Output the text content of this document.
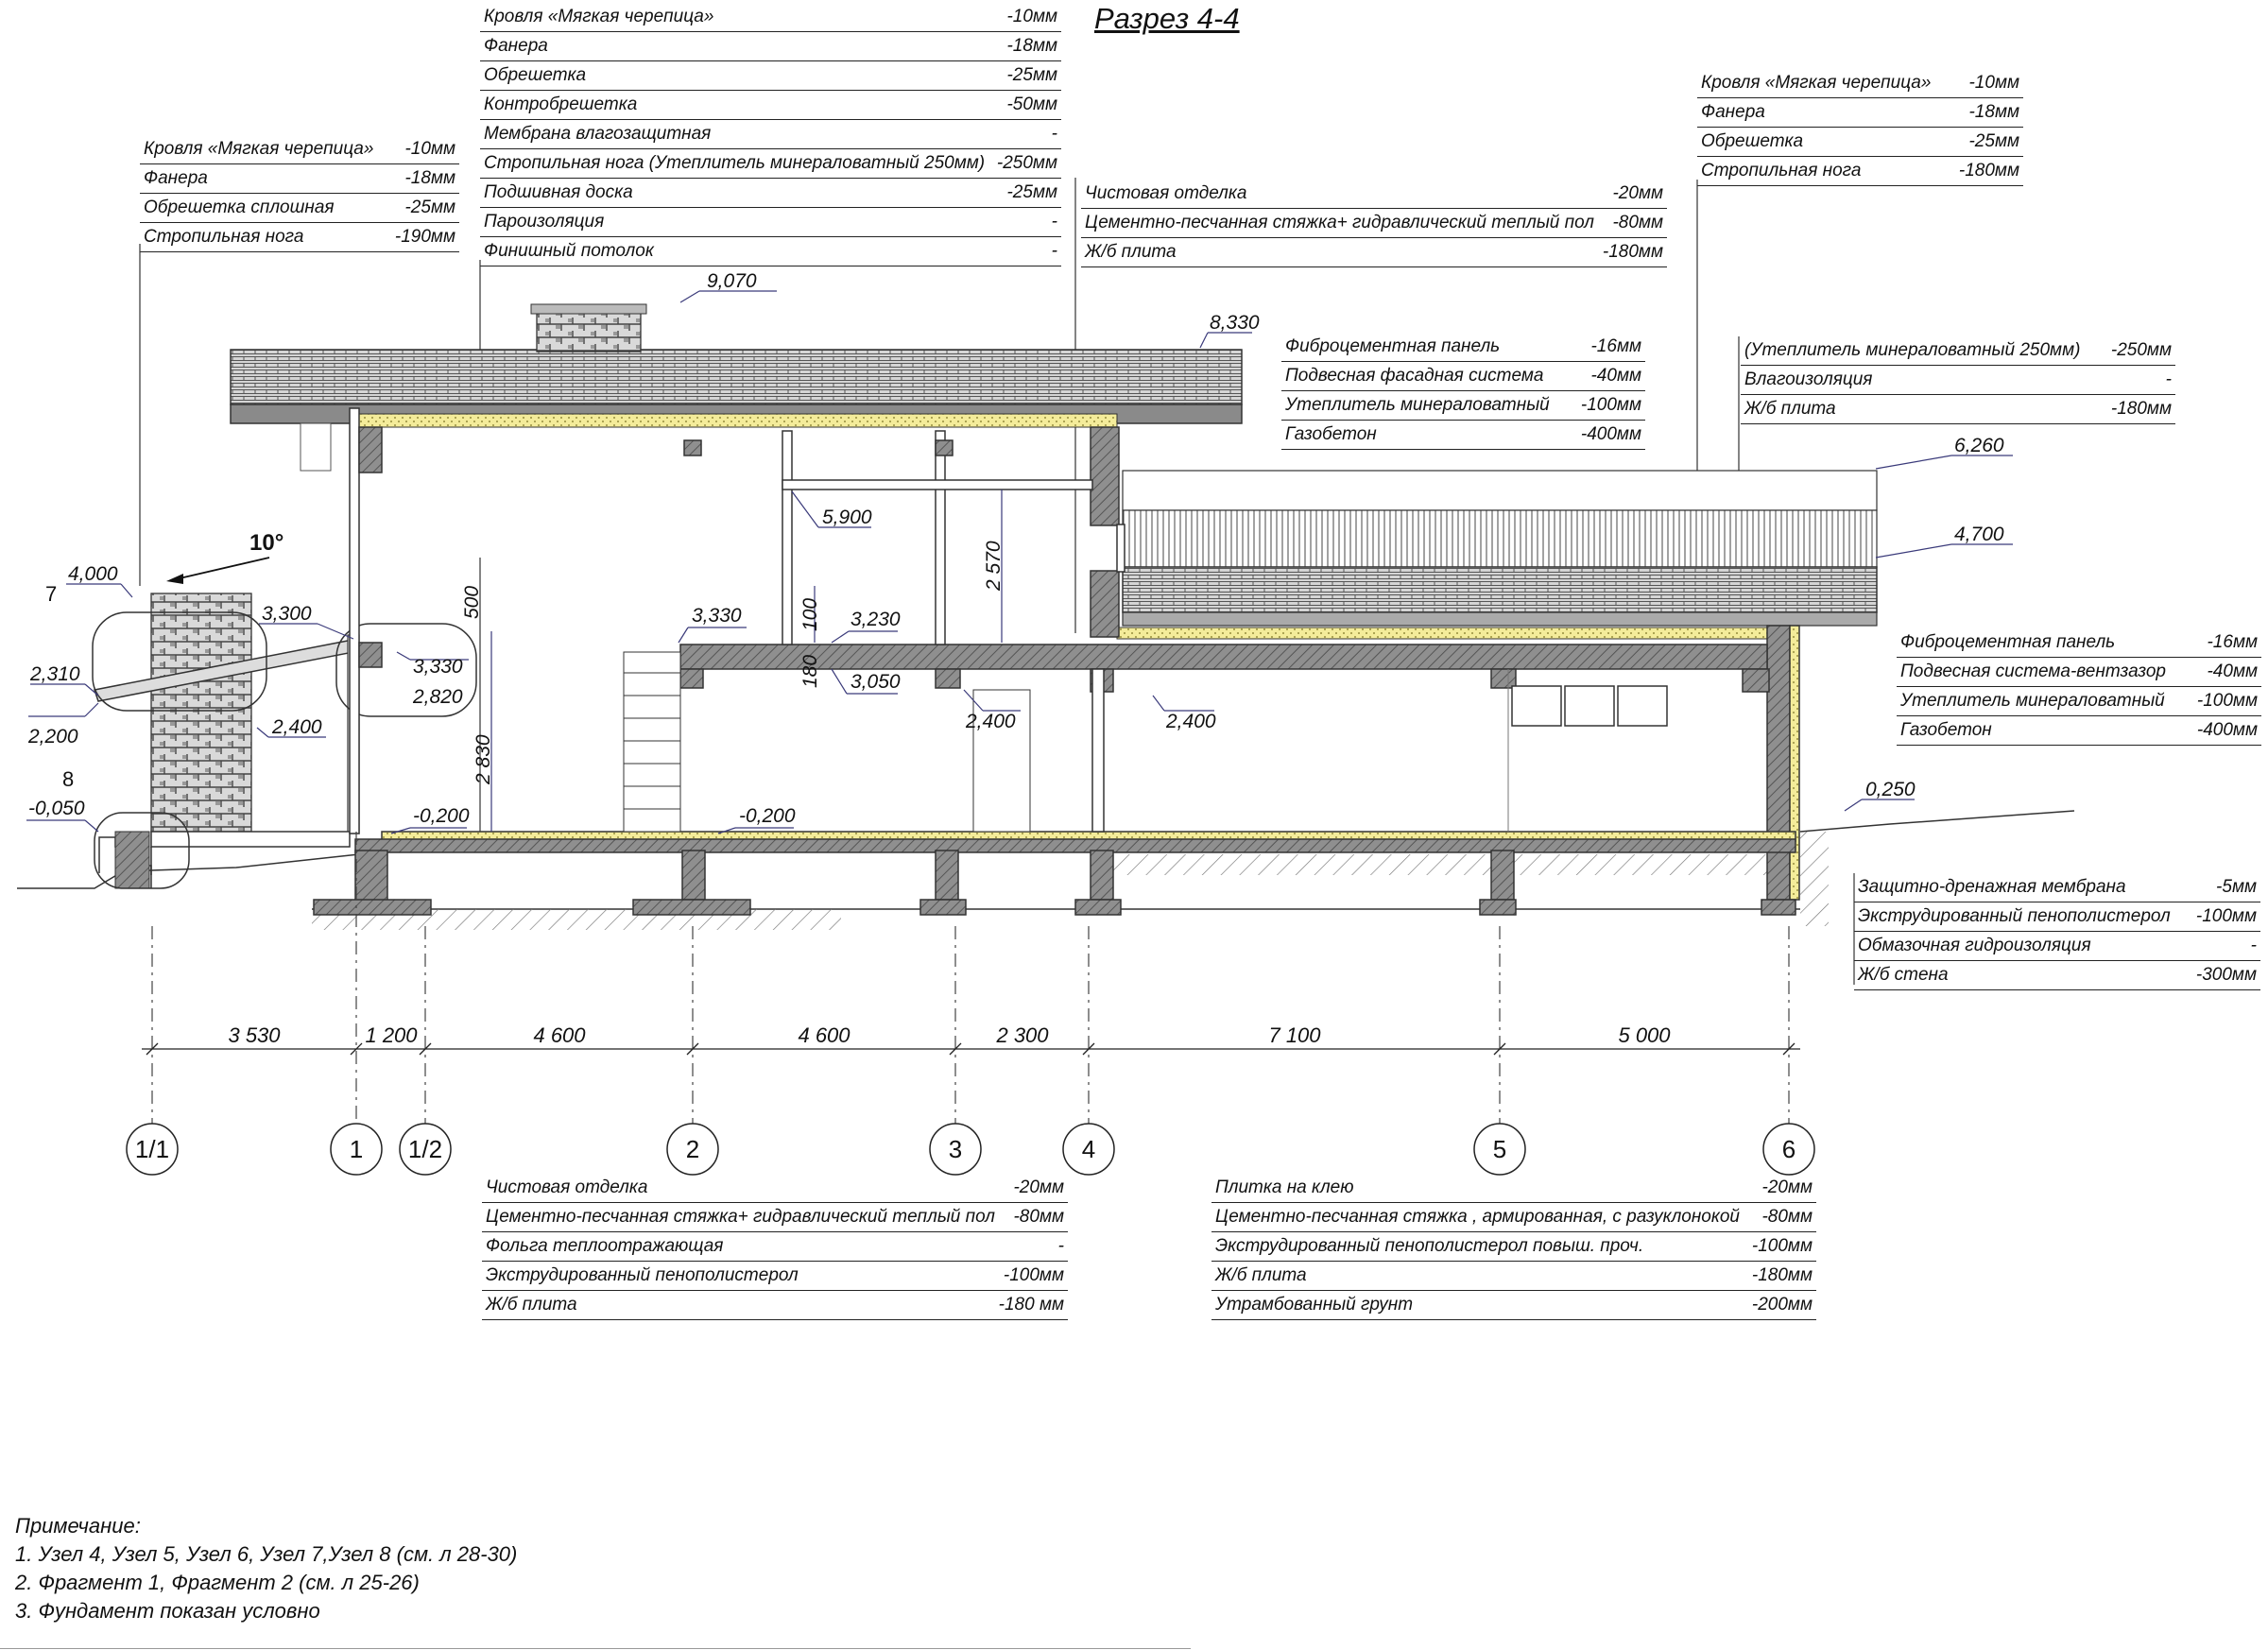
Разрез 4-4
Кровля «Мягкая черепица»	-10мм
Фанера	-18мм
Обрешетка	-25мм
Контробрешетка	-50мм
Мембрана влагозащитная	-
Стропильная нога (Утеплитель минераловатный 250мм) -250мм
Подшивная доска	-25мм
Пароизоляция	-
Финишный потолок	-
Кровля «Мягкая черепица» -10мм
Фанера	-18мм
Обрешетка сплошная	-25мм
Стропильная нога	-190мм
Кровля «Мягкая черепица» -10мм
Фанера	-18мм
Обрешетка	-25мм
Стропильная нога	-180мм
Чистовая отделка	-20мм
Цементно-песчанная стяжка+ гидравлический теплый пол -80мм
Ж/б плита	-180мм
Фиброцементная панель	-16мм
Подвесная фасадная система	-40мм
Утеплитель минераловатный -100мм
Газобетон	-400мм
(Утеплитель минераловатный 250мм) -250мм
Влагоизоляция	-
Ж/б плита	-180мм
Фиброцементная панель	-16мм
Подвесная система-вентзазор -40мм
Утеплитель минераловатный -100мм
Газобетон	-400мм
Защитно-дренажная мембрана	-5мм
Экструдированный пенополистерол -100мм
Обмазочная гидроизоляция	-
Ж/б стена	-300мм
Чистовая отделка	-20мм
Цементно-песчанная стяжка+ гидравлический теплый пол -80мм
Фольга теплоотражающая	-
Экструдированный пенополистерол	-100мм
Ж/б плита	-180 мм
Плитка на клею	-20мм
Цементно-песчанная стяжка , армированная, с разуклонокой -80мм
Экструдированный пенополистерол повыш. проч.	-100мм
Ж/б плита	-180мм
Утрамбованный грунт	-200мм
3 530	1 200	4 600	4 600	2 300	7 100	5 000
1/1	1 1/2	2	3	4	5	6
9,070
8,330
6,260
4,700
4,000
3,300
3,330
2,820
2,310
2,200
3,330	3,230
5,900
3,050
2,400	2,400	2,400
-0,050	-0,200	-0,200
0,250
500
2 830
2 570
100
180
7
8
10°
Примечание:
1. Узел 4, Узел 5, Узел 6, Узел 7,Узел 8 (см. л 28-30)
2. Фрагмент 1, Фрагмент 2 (см. л 25-26)
3. Фундамент показан условно
